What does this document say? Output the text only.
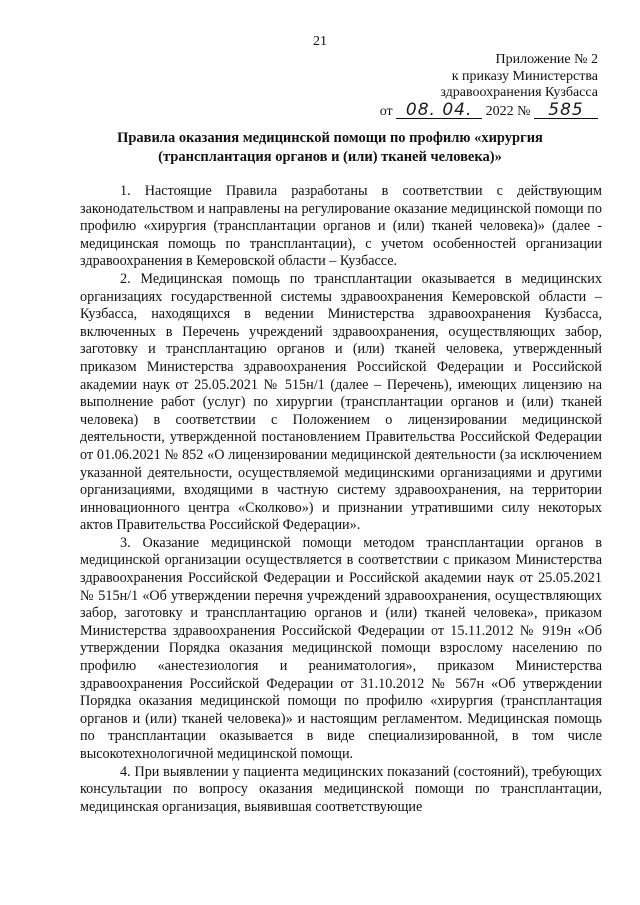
21
Приложение № 2
к приказу Министерства
здравоохранения Кузбасса
от 08. 04. 2022 № 585
Правила оказания медицинской помощи по профилю «хирургия (трансплантация органов и (или) тканей человека)»

1. Настоящие Правила разработаны в соответствии с действующим законодательством и направлены на регулирование оказание медицинской помощи по профилю «хирургия (трансплантации органов и (или) тканей человека)» (далее - медицинская помощь по трансплантации), с учетом особенностей организации здравоохранения в Кемеровской области – Кузбассе.

2. Медицинская помощь по трансплантации оказывается в медицинских организациях государственной системы здравоохранения Кемеровской области – Кузбасса, находящихся в ведении Министерства здравоохранения Кузбасса, включенных в Перечень учреждений здравоохранения, осуществляющих забор, заготовку и трансплантацию органов и (или) тканей человека, утвержденный приказом Министерства здравоохранения Российской Федерации и Российской академии наук от 25.05.2021 № 515н/1 (далее – Перечень), имеющих лицензию на выполнение работ (услуг) по хирургии (трансплантации органов и (или) тканей человека) в соответствии с Положением о лицензировании медицинской деятельности, утвержденной постановлением Правительства Российской Федерации от 01.06.2021 № 852 «О лицензировании медицинской деятельности (за исключением указанной деятельности, осуществляемой медицинскими организациями и другими организациями, входящими в частную систему здравоохранения, на территории инновационного центра «Сколково») и признании утратившими силу некоторых актов Правительства Российской Федерации».

3. Оказание медицинской помощи методом трансплантации органов в медицинской организации осуществляется в соответствии с приказом Министерства здравоохранения Российской Федерации и Российской академии наук от 25.05.2021 № 515н/1 «Об утверждении перечня учреждений здравоохранения, осуществляющих забор, заготовку и трансплантацию органов и (или) тканей человека», приказом Министерства здравоохранения Российской Федерации от 15.11.2012 № 919н «Об утверждении Порядка оказания медицинской помощи взрослому населению по профилю «анестезиология и реаниматология», приказом Министерства здравоохранения Российской Федерации от 31.10.2012 № 567н «Об утверждении Порядка оказания медицинской помощи по профилю «хирургия (трансплантация органов и (или) тканей человека)» и настоящим регламентом. Медицинская помощь по трансплантации оказывается в виде специализированной, в том числе высокотехнологичной медицинской помощи.

4. При выявлении у пациента медицинских показаний (состояний), требующих консультации по вопросу оказания медицинской помощи по трансплантации, медицинская организация, выявившая соответствующие
